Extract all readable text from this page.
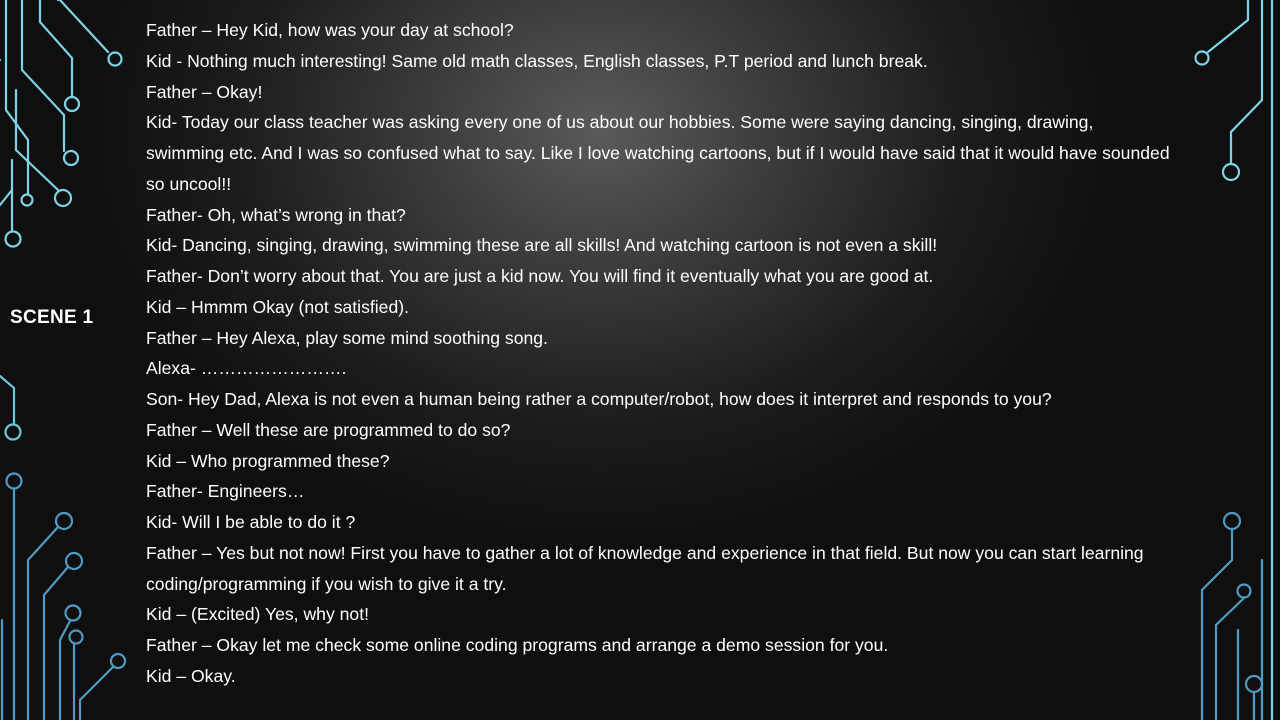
SCENE 1
Father – Hey Kid, how was your day at school?
Kid - Nothing much interesting! Same old math classes, English classes, P.T period and lunch break.
Father – Okay!
Kid- Today our class teacher was asking every one of us about our hobbies. Some were saying dancing, singing, drawing, swimming etc. And I was so confused what to say. Like I love watching cartoons, but if I would have said that it would have sounded so uncool!!
Father- Oh, what’s wrong in that?
Kid- Dancing, singing, drawing, swimming these are all skills! And watching cartoon is not even a skill!
Father- Don’t worry about that. You are just a kid now. You will find it eventually what you are good at.
Kid – Hmmm Okay (not satisfied).
Father – Hey Alexa, play some mind soothing song.
Alexa- …………………….
Son- Hey Dad, Alexa is not even a human being rather a computer/robot, how does it interpret and responds to you?
Father – Well these are programmed to do so?
Kid – Who programmed these?
Father- Engineers…
Kid- Will I be able to do it ?
Father – Yes but not now! First you have to gather a lot of knowledge and experience in that field. But now you can start learning coding/programming if you wish to give it a try.
Kid – (Excited) Yes, why not!
Father – Okay let me check some online coding programs and arrange a demo session for you.
Kid – Okay.
